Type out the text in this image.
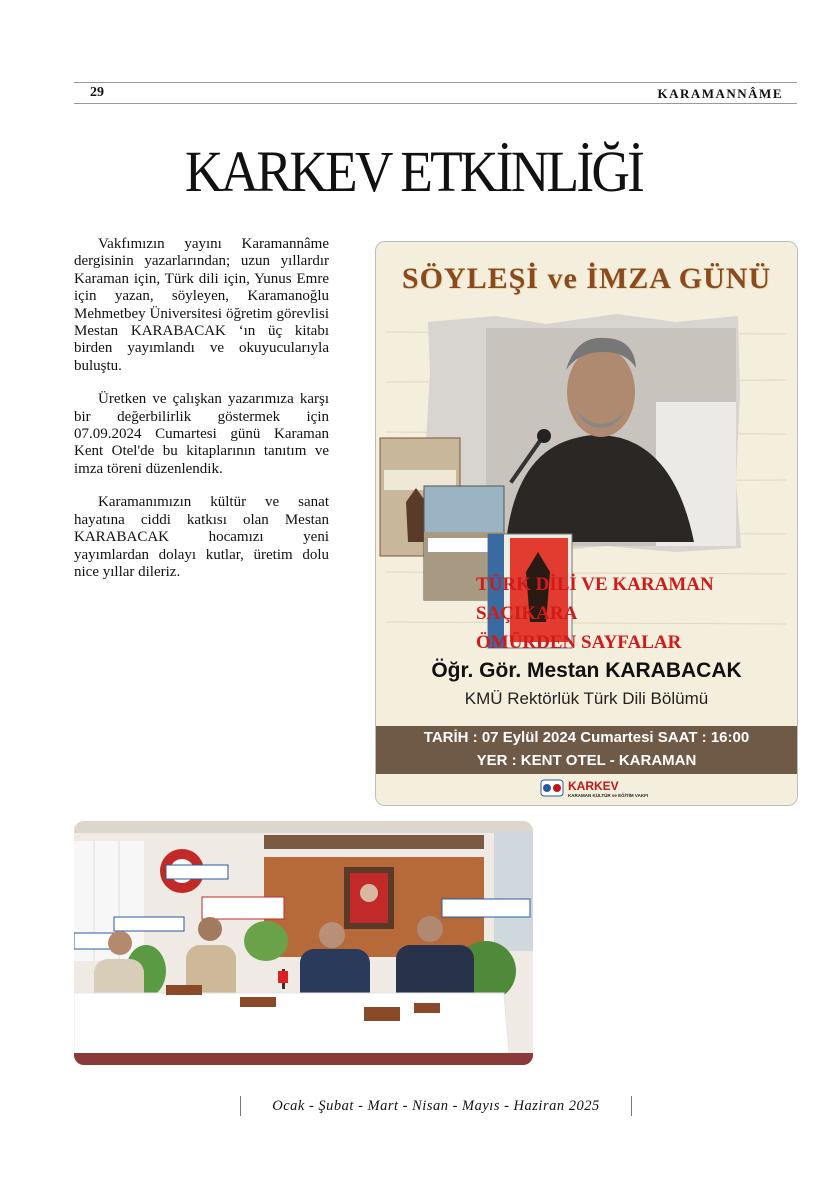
29	KARAMANNÂME
KARKEV ETKİNLİĞİ

Vakfımızın yayını Karamannâme dergisinin yazarlarından; uzun yıllardır Karaman için, Türk dili için, Yunus Emre için yazan, söyleyen, Karamanoğlu Mehmetbey Üniversitesi öğretim görevlisi Mestan KARABACAK ‘ın üç kitabı birden yayımlandı ve okuyucularıyla buluştu.

Üretken ve çalışkan yazarımıza karşı bir değerbilirlik göstermek için 07.09.2024 Cumartesi günü Karaman Kent Otel'de bu kitaplarının tanıtım ve imza töreni düzenlendik.

Karamanımızın kültür ve sanat hayatına ciddi katkısı olan Mestan KARABACAK hocamızı yeni yayımlardan dolayı kutlar, üretim dolu nice yıllar dileriz.

SÖYLEŞİ ve İMZA GÜNÜ
TÜRK DİLİ VE KARAMAN
SAÇIKARA
ÖMÜRDEN SAYFALAR
Öğr. Gör. Mestan KARABACAK
KMÜ Rektörlük Türk Dili Bölümü
TARİH : 07 Eylül 2024 Cumartesi SAAT : 16:00
YER : KENT OTEL - KARAMAN
KARKEV
KARAMAN KÜLTÜR ve EĞİTİM VAKFI
Ocak - Şubat - Mart - Nisan - Mayıs - Haziran 2025
